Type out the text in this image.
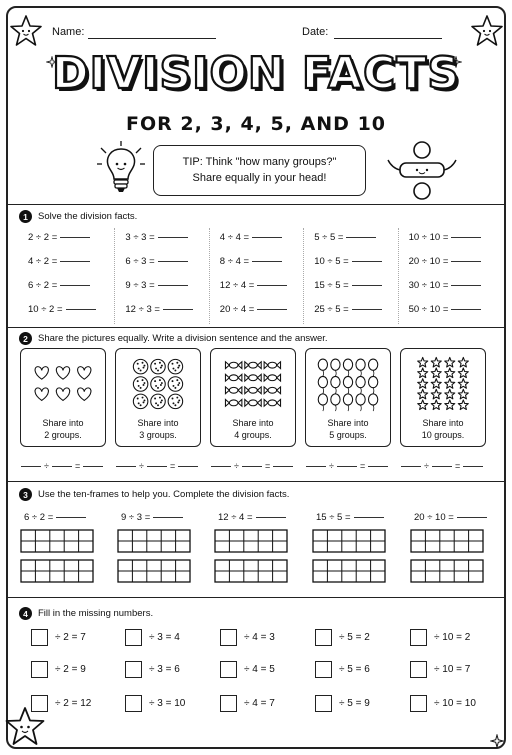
Name:	Date:
DIVISION FACTS
FOR 2, 3, 4, 5, AND 10
TIP: Think "how many groups?"
Share equally in your head!
1	Solve the division facts.
2 ÷ 2 =
4 ÷ 2 =
6 ÷ 2 =
10 ÷ 2 =
3 ÷ 3 =
6 ÷ 3 =
9 ÷ 3 =
12 ÷ 3 =
4 ÷ 4 =
8 ÷ 4 =
12 ÷ 4 =
20 ÷ 4 =
5 ÷ 5 =
10 ÷ 5 =
15 ÷ 5 =
25 ÷ 5 =
10 ÷ 10 =
20 ÷ 10 =
30 ÷ 10 =
50 ÷ 10 =
2	Share the pictures equally. Write a division sentence and the answer.
Share into
2 groups.
Share into
3 groups.
Share into
4 groups.
Share into
5 groups.
Share into
10 groups.
÷	=	÷	=	÷	=	÷	=	÷	=
3	Use the ten-frames to help you. Complete the division facts.
6 ÷ 2 =	9 ÷ 3 =	12 ÷ 4 =	15 ÷ 5 =	20 ÷ 10 =
4	Fill in the missing numbers.
÷ 2 = 7
÷ 2 = 9
÷ 2 = 12
÷ 3 = 4
÷ 3 = 6
÷ 3 = 10
÷ 4 = 3
÷ 4 = 5
÷ 4 = 7
÷ 5 = 2
÷ 5 = 6
÷ 5 = 9
÷ 10 = 2
÷ 10 = 7
÷ 10 = 10
